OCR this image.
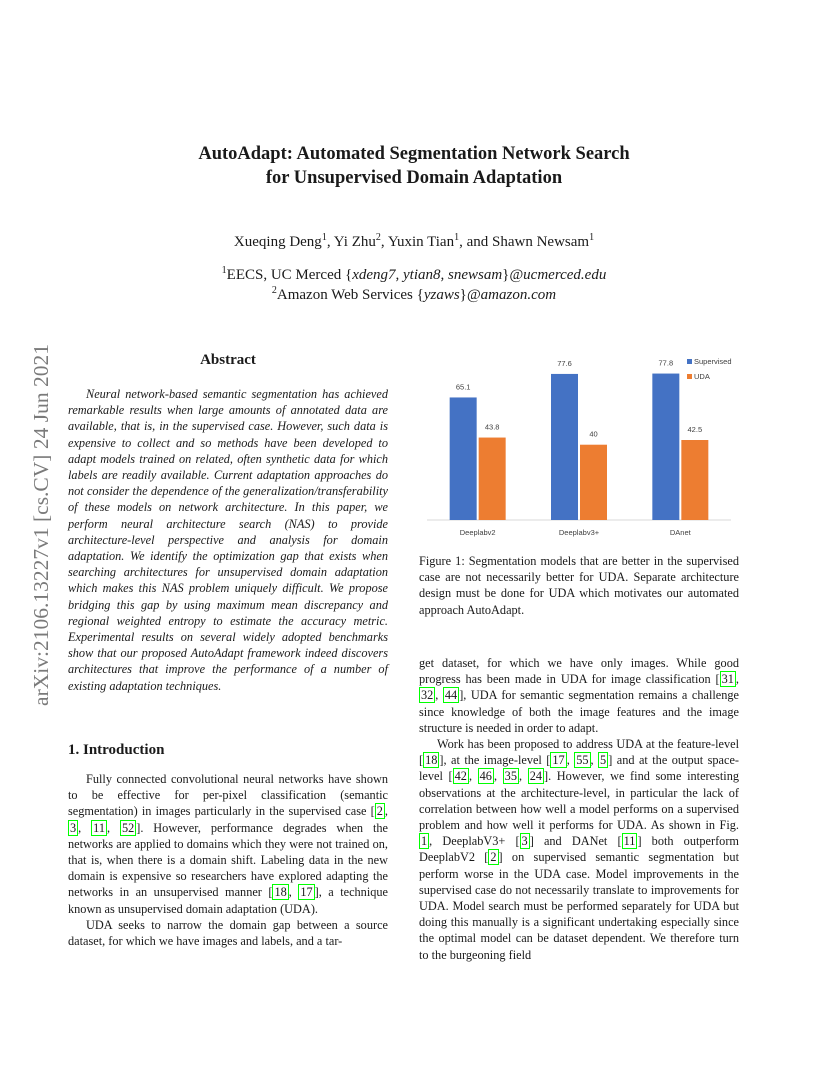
arXiv:2106.13227v1 [cs.CV] 24 Jun 2021
AutoAdapt: Automated Segmentation Network Search
for Unsupervised Domain Adaptation
Xueqing Deng$^1$, Yi Zhu$^2$, Yuxin Tian$^1$, and Shawn Newsam$^1$
$^1$EECS, UC Merced {xdeng7, ytian8, snewsam}@ucmerced.edu
$^2$Amazon Web Services {yzaws}@amazon.com
Abstract
Neural network-based semantic segmentation has achieved remarkable results when large amounts of annotated data are available, that is, in the supervised case. However, such data is expensive to collect and so methods have been developed to adapt models trained on related, often synthetic data for which labels are readily available. Current adaptation approaches do not consider the dependence of the generalization/transferability of these models on network architecture. In this paper, we perform neural architecture search (NAS) to provide architecture-level perspective and analysis for domain adaptation. We identify the optimization gap that exists when searching architectures for unsupervised domain adaptation which makes this NAS problem uniquely difficult. We propose bridging this gap by using maximum mean discrepancy and regional weighted entropy to estimate the accuracy metric. Experimental results on several widely adopted benchmarks show that our proposed AutoAdapt framework indeed discovers architectures that improve the performance of a number of existing adaptation techniques.
1. Introduction

Fully connected convolutional neural networks have shown to be effective for per-pixel classification (semantic segmentation) in images particularly in the supervised case [ 2 , 3 , 11 , 52 ]. However, performance degrades when the networks are applied to domains which they were not trained on, that is, when there is a domain shift. Labeling data in the new domain is expensive so researchers have explored adapting the networks in an unsupervised manner [ 18 , 17 ], a technique known as unsupervised domain adaptation (UDA).

UDA seeks to narrow the domain gap between a source dataset, for which we have images and labels, and a tar-

65.1
43.8
Deeplabv2
77.6
40
Deeplabv3+
77.8
42.5
DAnet
Supervised
UDA
Figure 1: Segmentation models that are better in the supervised case are not necessarily better for UDA. Separate architecture design must be done for UDA which motivates our automated approach AutoAdapt.

get dataset, for which we have only images. While good progress has been made in UDA for image classification [ 31 , 32 , 44 ], UDA for semantic segmentation remains a challenge since knowledge of both the image features and the image structure is needed in order to adapt.

Work has been proposed to address UDA at the feature-level [ 18 ], at the image-level [ 17 , 55 , 5 ] and at the output space-level [ 42 , 46 , 35 , 24 ]. However, we find some interesting observations at the architecture-level, in particular the lack of correlation between how well a model performs on a supervised problem and how well it performs for UDA. As shown in Fig. 1 , DeeplabV3+ [ 3 ] and DANet [ 11 ] both outperform DeeplabV2 [ 2 ] on supervised semantic segmentation but perform worse in the UDA case. Model improvements in the supervised case do not necessarily translate to improvements for UDA. Model search must be performed separately for UDA but doing this manually is a significant undertaking especially since the optimal model can be dataset dependent. We therefore turn to the burgeoning field
